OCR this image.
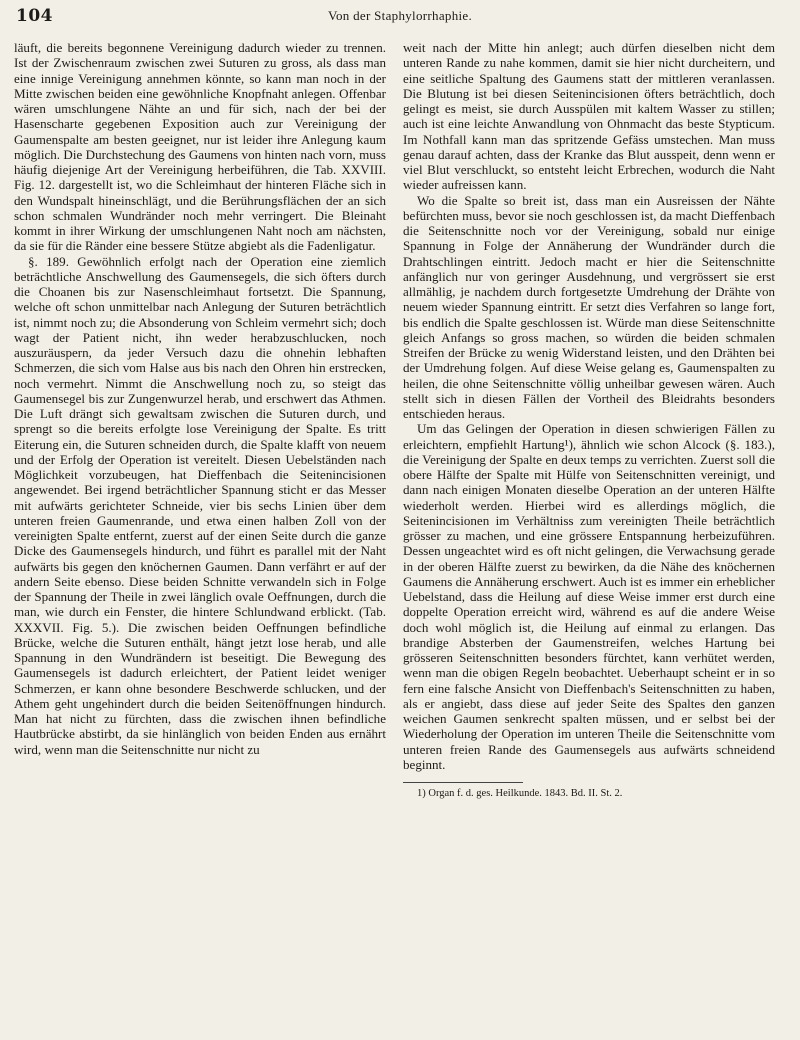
104	Von der Staphylorrhaphie.

läuft, die bereits begonnene Vereinigung dadurch wieder zu trennen. Ist der Zwischenraum zwischen zwei Suturen zu gross, als dass man eine innige Vereinigung annehmen könnte, so kann man noch in der Mitte zwischen beiden eine gewöhnliche Knopfnaht anlegen. Offenbar wären umschlungene Nähte an und für sich, nach der bei der Hasenscharte gegebenen Exposition auch zur Vereinigung der Gaumenspalte am besten geeignet, nur ist leider ihre Anlegung kaum möglich. Die Durchstechung des Gaumens von hinten nach vorn, muss häufig diejenige Art der Vereinigung herbeiführen, die Tab. XXVIII. Fig. 12. dargestellt ist, wo die Schleimhaut der hinteren Fläche sich in den Wundspalt hineinschlägt, und die Berührungsflächen der an sich schon schmalen Wundränder noch mehr verringert. Die Bleinaht kommt in ihrer Wirkung der umschlungenen Naht noch am nächsten, da sie für die Ränder eine bessere Stütze abgiebt als die Fadenligatur.

§. 189. Gewöhnlich erfolgt nach der Operation eine ziemlich beträchtliche Anschwellung des Gaumensegels, die sich öfters durch die Choanen bis zur Nasenschleimhaut fortsetzt. Die Spannung, welche oft schon unmittelbar nach Anlegung der Suturen beträchtlich ist, nimmt noch zu; die Absonderung von Schleim vermehrt sich; doch wagt der Patient nicht, ihn weder herabzuschlucken, noch auszuräuspern, da jeder Versuch dazu die ohnehin lebhaften Schmerzen, die sich vom Halse aus bis nach den Ohren hin erstrecken, noch vermehrt. Nimmt die Anschwellung noch zu, so steigt das Gaumensegel bis zur Zungenwurzel herab, und erschwert das Athmen. Die Luft drängt sich gewaltsam zwischen die Suturen durch, und sprengt so die bereits erfolgte lose Vereinigung der Spalte. Es tritt Eiterung ein, die Suturen schneiden durch, die Spalte klafft von neuem und der Erfolg der Operation ist vereitelt. Diesen Uebelständen nach Möglichkeit vorzubeugen, hat Dieffenbach die Seitenincisionen angewendet. Bei irgend beträchtlicher Spannung sticht er das Messer mit aufwärts gerichteter Schneide, vier bis sechs Linien über dem unteren freien Gaumenrande, und etwa einen halben Zoll von der vereinigten Spalte entfernt, zuerst auf der einen Seite durch die ganze Dicke des Gaumensegels hindurch, und führt es parallel mit der Naht aufwärts bis gegen den knöchernen Gaumen. Dann verfährt er auf der andern Seite ebenso. Diese beiden Schnitte verwandeln sich in Folge der Spannung der Theile in zwei länglich ovale Oeffnungen, durch die man, wie durch ein Fenster, die hintere Schlundwand erblickt. (Tab. XXXVII. Fig. 5.). Die zwischen beiden Oeffnungen befindliche Brücke, welche die Suturen enthält, hängt jetzt lose herab, und alle Spannung in den Wundrändern ist beseitigt. Die Bewegung des Gaumensegels ist dadurch erleichtert, der Patient leidet weniger Schmerzen, er kann ohne besondere Beschwerde schlucken, und der Athem geht ungehindert durch die beiden Seitenöffnungen hindurch. Man hat nicht zu fürchten, dass die zwischen ihnen befindliche Hautbrücke abstirbt, da sie hinlänglich von beiden Enden aus ernährt wird, wenn man die Seitenschnitte nur nicht zu

weit nach der Mitte hin anlegt; auch dürfen dieselben nicht dem unteren Rande zu nahe kommen, damit sie hier nicht durcheitern, und eine seitliche Spaltung des Gaumens statt der mittleren veranlassen. Die Blutung ist bei diesen Seitenincisionen öfters beträchtlich, doch gelingt es meist, sie durch Ausspülen mit kaltem Wasser zu stillen; auch ist eine leichte Anwandlung von Ohnmacht das beste Stypticum. Im Nothfall kann man das spritzende Gefäss umstechen. Man muss genau darauf achten, dass der Kranke das Blut ausspeit, denn wenn er viel Blut verschluckt, so entsteht leicht Erbrechen, wodurch die Naht wieder aufreissen kann.

Wo die Spalte so breit ist, dass man ein Ausreissen der Nähte befürchten muss, bevor sie noch geschlossen ist, da macht Dieffenbach die Seitenschnitte noch vor der Vereinigung, sobald nur einige Spannung in Folge der Annäherung der Wundränder durch die Drahtschlingen eintritt. Jedoch macht er hier die Seitenschnitte anfänglich nur von geringer Ausdehnung, und vergrössert sie erst allmählig, je nachdem durch fortgesetzte Umdrehung der Drähte von neuem wieder Spannung eintritt. Er setzt dies Verfahren so lange fort, bis endlich die Spalte geschlossen ist. Würde man diese Seitenschnitte gleich Anfangs so gross machen, so würden die beiden schmalen Streifen der Brücke zu wenig Widerstand leisten, und den Drähten bei der Umdrehung folgen. Auf diese Weise gelang es, Gaumenspalten zu heilen, die ohne Seitenschnitte völlig unheilbar gewesen wären. Auch stellt sich in diesen Fällen der Vortheil des Bleidrahts besonders entschieden heraus.

Um das Gelingen der Operation in diesen schwierigen Fällen zu erleichtern, empfiehlt Hartung¹), ähnlich wie schon Alcock (§. 183.), die Vereinigung der Spalte en deux temps zu verrichten. Zuerst soll die obere Hälfte der Spalte mit Hülfe von Seitenschnitten vereinigt, und dann nach einigen Monaten dieselbe Operation an der unteren Hälfte wiederholt werden. Hierbei wird es allerdings möglich, die Seitenincisionen im Verhältniss zum vereinigten Theile beträchtlich grösser zu machen, und eine grössere Entspannung herbeizuführen. Dessen ungeachtet wird es oft nicht gelingen, die Verwachsung gerade in der oberen Hälfte zuerst zu bewirken, da die Nähe des knöchernen Gaumens die Annäherung erschwert. Auch ist es immer ein erheblicher Uebelstand, dass die Heilung auf diese Weise immer erst durch eine doppelte Operation erreicht wird, während es auf die andere Weise doch wohl möglich ist, die Heilung auf einmal zu erlangen. Das brandige Absterben der Gaumenstreifen, welches Hartung bei grösseren Seitenschnitten besonders fürchtet, kann verhütet werden, wenn man die obigen Regeln beobachtet. Ueberhaupt scheint er in so fern eine falsche Ansicht von Dieffenbach's Seitenschnitten zu haben, als er angiebt, dass diese auf jeder Seite des Spaltes den ganzen weichen Gaumen senkrecht spalten müssen, und er selbst bei der Wiederholung der Operation im unteren Theile die Seitenschnitte vom unteren freien Rande des Gaumensegels aus aufwärts schneidend beginnt.

1) Organ f. d. ges. Heilkunde. 1843. Bd. II. St. 2.
